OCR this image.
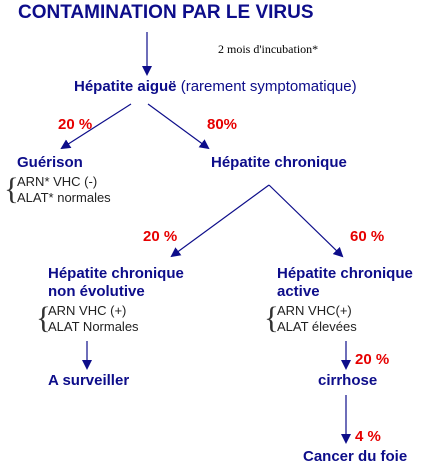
CONTAMINATION PAR LE VIRUS
2 mois d'incubation*
Hépatite aiguë (rarement symptomatique)
20 %	80%
Guérison
{
ARN* VHC (-)
ALAT* normales
Hépatite chronique
20 %	60 %
Hépatite chronique
non évolutive
{
ARN VHC (+)
ALAT Normales
A surveiller
Hépatite chronique
active
{
ARN VHC(+)
ALAT élevées
20 %
cirrhose
4 %
Cancer du foie
